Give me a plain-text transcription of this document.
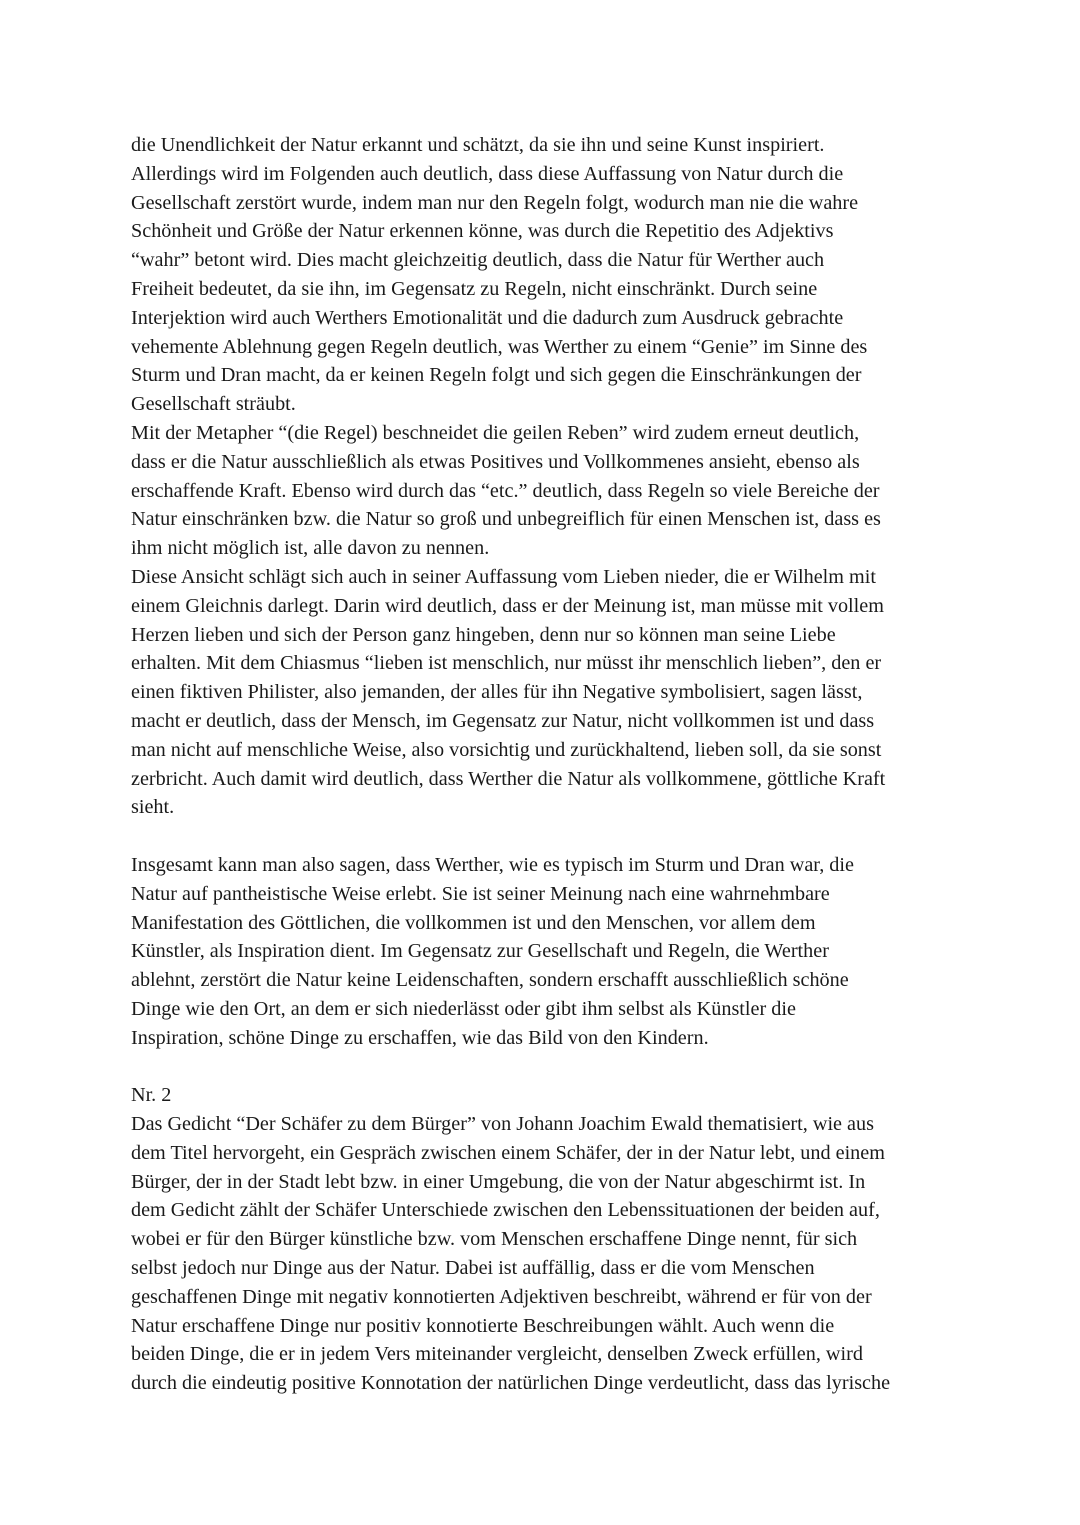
die Unendlichkeit der Natur erkannt und schätzt, da sie ihn und seine Kunst inspiriert.
Allerdings wird im Folgenden auch deutlich, dass diese Auffassung von Natur durch die
Gesellschaft zerstört wurde, indem man nur den Regeln folgt, wodurch man nie die wahre
Schönheit und Größe der Natur erkennen könne, was durch die Repetitio des Adjektivs
“wahr” betont wird. Dies macht gleichzeitig deutlich, dass die Natur für Werther auch
Freiheit bedeutet, da sie ihn, im Gegensatz zu Regeln, nicht einschränkt. Durch seine
Interjektion wird auch Werthers Emotionalität und die dadurch zum Ausdruck gebrachte
vehemente Ablehnung gegen Regeln deutlich, was Werther zu einem “Genie” im Sinne des
Sturm und Dran macht, da er keinen Regeln folgt und sich gegen die Einschränkungen der
Gesellschaft sträubt.
Mit der Metapher “(die Regel) beschneidet die geilen Reben” wird zudem erneut deutlich,
dass er die Natur ausschließlich als etwas Positives und Vollkommenes ansieht, ebenso als
erschaffende Kraft. Ebenso wird durch das “etc.” deutlich, dass Regeln so viele Bereiche der
Natur einschränken bzw. die Natur so groß und unbegreiflich für einen Menschen ist, dass es
ihm nicht möglich ist, alle davon zu nennen.
Diese Ansicht schlägt sich auch in seiner Auffassung vom Lieben nieder, die er Wilhelm mit
einem Gleichnis darlegt. Darin wird deutlich, dass er der Meinung ist, man müsse mit vollem
Herzen lieben und sich der Person ganz hingeben, denn nur so können man seine Liebe
erhalten. Mit dem Chiasmus “lieben ist menschlich, nur müsst ihr menschlich lieben”, den er
einen fiktiven Philister, also jemanden, der alles für ihn Negative symbolisiert, sagen lässt,
macht er deutlich, dass der Mensch, im Gegensatz zur Natur, nicht vollkommen ist und dass
man nicht auf menschliche Weise, also vorsichtig und zurückhaltend, lieben soll, da sie sonst
zerbricht. Auch damit wird deutlich, dass Werther die Natur als vollkommene, göttliche Kraft
sieht.
Insgesamt kann man also sagen, dass Werther, wie es typisch im Sturm und Dran war, die
Natur auf pantheistische Weise erlebt. Sie ist seiner Meinung nach eine wahrnehmbare
Manifestation des Göttlichen, die vollkommen ist und den Menschen, vor allem dem
Künstler, als Inspiration dient. Im Gegensatz zur Gesellschaft und Regeln, die Werther
ablehnt, zerstört die Natur keine Leidenschaften, sondern erschafft ausschließlich schöne
Dinge wie den Ort, an dem er sich niederlässt oder gibt ihm selbst als Künstler die
Inspiration, schöne Dinge zu erschaffen, wie das Bild von den Kindern.
Nr. 2
Das Gedicht “Der Schäfer zu dem Bürger” von Johann Joachim Ewald thematisiert, wie aus
dem Titel hervorgeht, ein Gespräch zwischen einem Schäfer, der in der Natur lebt, und einem
Bürger, der in der Stadt lebt bzw. in einer Umgebung, die von der Natur abgeschirmt ist. In
dem Gedicht zählt der Schäfer Unterschiede zwischen den Lebenssituationen der beiden auf,
wobei er für den Bürger künstliche bzw. vom Menschen erschaffene Dinge nennt, für sich
selbst jedoch nur Dinge aus der Natur. Dabei ist auffällig, dass er die vom Menschen
geschaffenen Dinge mit negativ konnotierten Adjektiven beschreibt, während er für von der
Natur erschaffene Dinge nur positiv konnotierte Beschreibungen wählt. Auch wenn die
beiden Dinge, die er in jedem Vers miteinander vergleicht, denselben Zweck erfüllen, wird
durch die eindeutig positive Konnotation der natürlichen Dinge verdeutlicht, dass das lyrische
